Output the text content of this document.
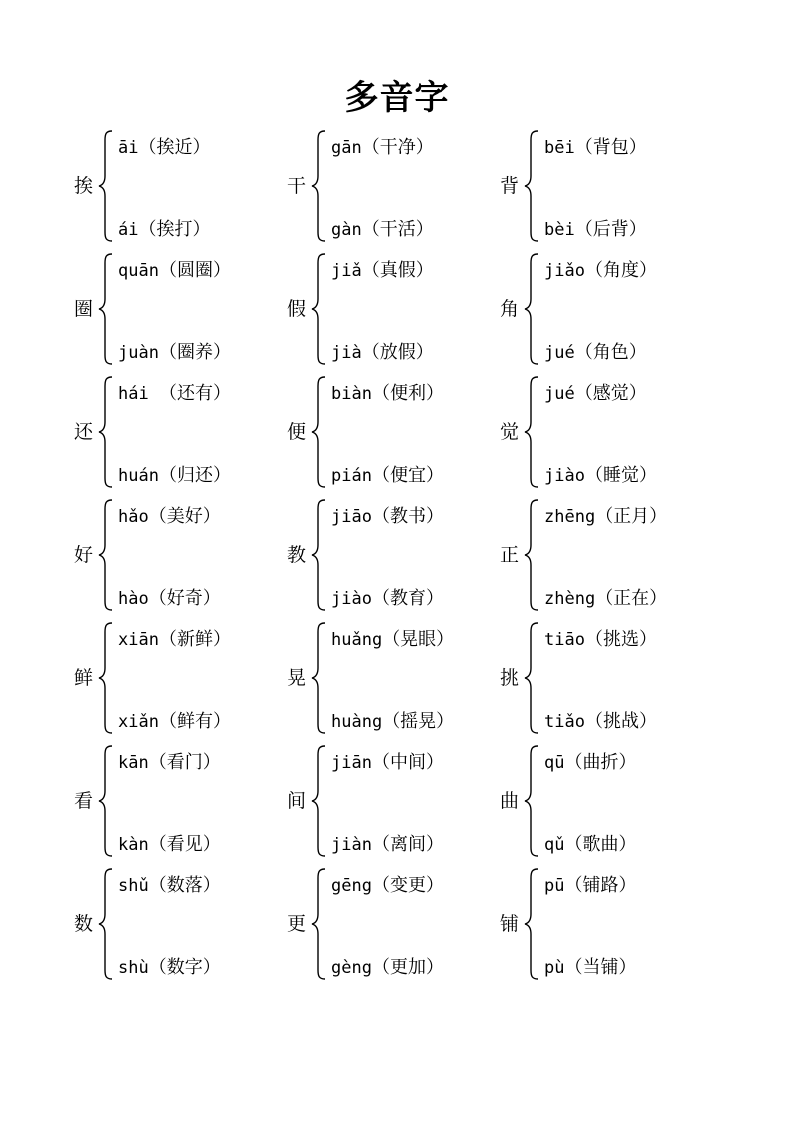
多音字
挨
āi（挨近）
ái（挨打）
圈
quān（圆圈）
juàn（圈养）
还
hái （还有）
huán（归还）
好
hǎo（美好）
hào（好奇）
鲜
xiān（新鲜）
xiǎn（鲜有）
看
kān（看门）
kàn（看见）
数
shǔ（数落）
shù（数字）
干
gān（干净）
gàn（干活）
假
jiǎ（真假）
jià（放假）
便
biàn（便利）
pián（便宜）
教
jiāo（教书）
jiào（教育）
晃
huǎng（晃眼）
huàng（摇晃）
间
jiān（中间）
jiàn（离间）
更
gēng（变更）
gèng（更加）
背
bēi（背包）
bèi（后背）
角
jiǎo（角度）
jué（角色）
觉
jué（感觉）
jiào（睡觉）
正
zhēng（正月）
zhèng（正在）
挑
tiāo（挑选）
tiǎo（挑战）
曲
qū（曲折）
qǔ（歌曲）
铺
pū（铺路）
pù（当铺）
